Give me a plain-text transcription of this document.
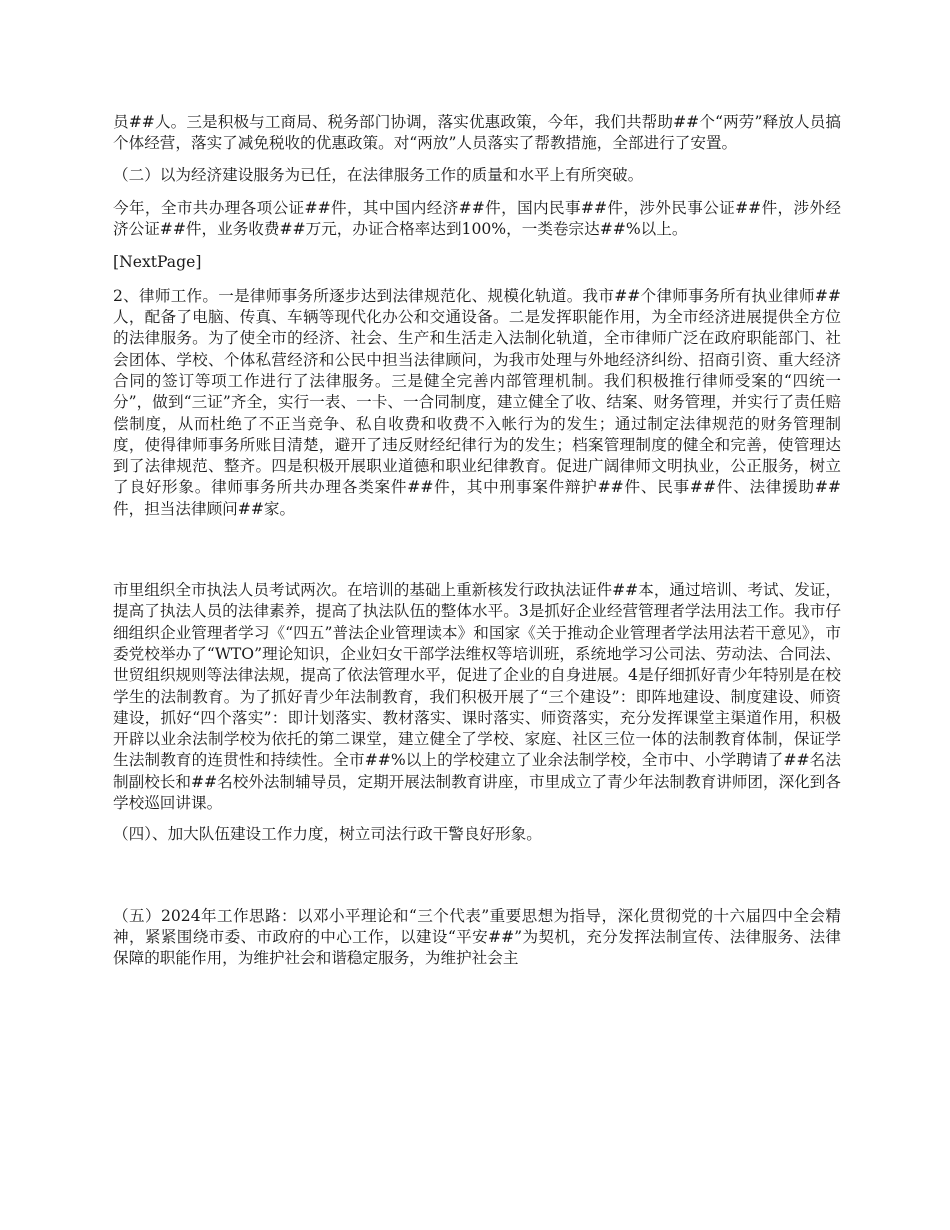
员##人。三是积极与工商局、税务部门协调，落实优惠政策，今年，我们共帮助##个“两劳”释放人员搞个体经营，落实了减免税收的优惠政策。对“两放”人员落实了帮教措施，全部进行了安置。

（二）以为经济建设服务为已任，在法律服务工作的质量和水平上有所突破。

今年，全市共办理各项公证##件，其中国内经济##件，国内民事##件，涉外民事公证##件，涉外经济公证##件，业务收费##万元，办证合格率达到100%，一类卷宗达##%以上。

[NextPage]

2、律师工作。一是律师事务所逐步达到法律规范化、规模化轨道。我市##个律师事务所有执业律师##人，配备了电脑、传真、车辆等现代化办公和交通设备。二是发挥职能作用，为全市经济进展提供全方位的法律服务。为了使全市的经济、社会、生产和生活走入法制化轨道，全市律师广泛在政府职能部门、社会团体、学校、个体私营经济和公民中担当法律顾问，为我市处理与外地经济纠纷、招商引资、重大经济合同的签订等项工作进行了法律服务。三是健全完善内部管理机制。我们积极推行律师受案的“四统一分”，做到“三证”齐全，实行一表、一卡、一合同制度，建立健全了收、结案、财务管理，并实行了责任赔偿制度，从而杜绝了不正当竞争、私自收费和收费不入帐行为的发生；通过制定法律规范的财务管理制度，使得律师事务所账目清楚，避开了违反财经纪律行为的发生；档案管理制度的健全和完善，使管理达到了法律规范、整齐。四是积极开展职业道德和职业纪律教育。促进广阔律师文明执业，公正服务，树立了良好形象。律师事务所共办理各类案件##件，其中刑事案件辩护##件、民事##件、法律援助##件，担当法律顾问##家。

市里组织全市执法人员考试两次。在培训的基础上重新核发行政执法证件##本，通过培训、考试、发证，提高了执法人员的法律素养，提高了执法队伍的整体水平。3是抓好企业经营管理者学法用法工作。我市仔细组织企业管理者学习《“四五”普法企业管理读本》和国家《关于推动企业管理者学法用法若干意见》，市委党校举办了“WTO”理论知识，企业妇女干部学法维权等培训班，系统地学习公司法、劳动法、合同法、世贸组织规则等法律法规，提高了依法管理水平，促进了企业的自身进展。4是仔细抓好青少年特别是在校学生的法制教育。为了抓好青少年法制教育，我们积极开展了“三个建设”：即阵地建设、制度建设、师资建设，抓好“四个落实”：即计划落实、教材落实、课时落实、师资落实，充分发挥课堂主渠道作用，积极开辟以业余法制学校为依托的第二课堂，建立健全了学校、家庭、社区三位一体的法制教育体制，保证学生法制教育的连贯性和持续性。全市##%以上的学校建立了业余法制学校，全市中、小学聘请了##名法制副校长和##名校外法制辅导员，定期开展法制教育讲座，市里成立了青少年法制教育讲师团，深化到各学校巡回讲课。

（四）、加大队伍建设工作力度，树立司法行政干警良好形象。

（五）2024年工作思路：以邓小平理论和“三个代表”重要思想为指导，深化贯彻党的十六届四中全会精神，紧紧围绕市委、市政府的中心工作，以建设“平安##”为契机，充分发挥法制宣传、法律服务、法律保障的职能作用，为维护社会和谐稳定服务，为维护社会主
